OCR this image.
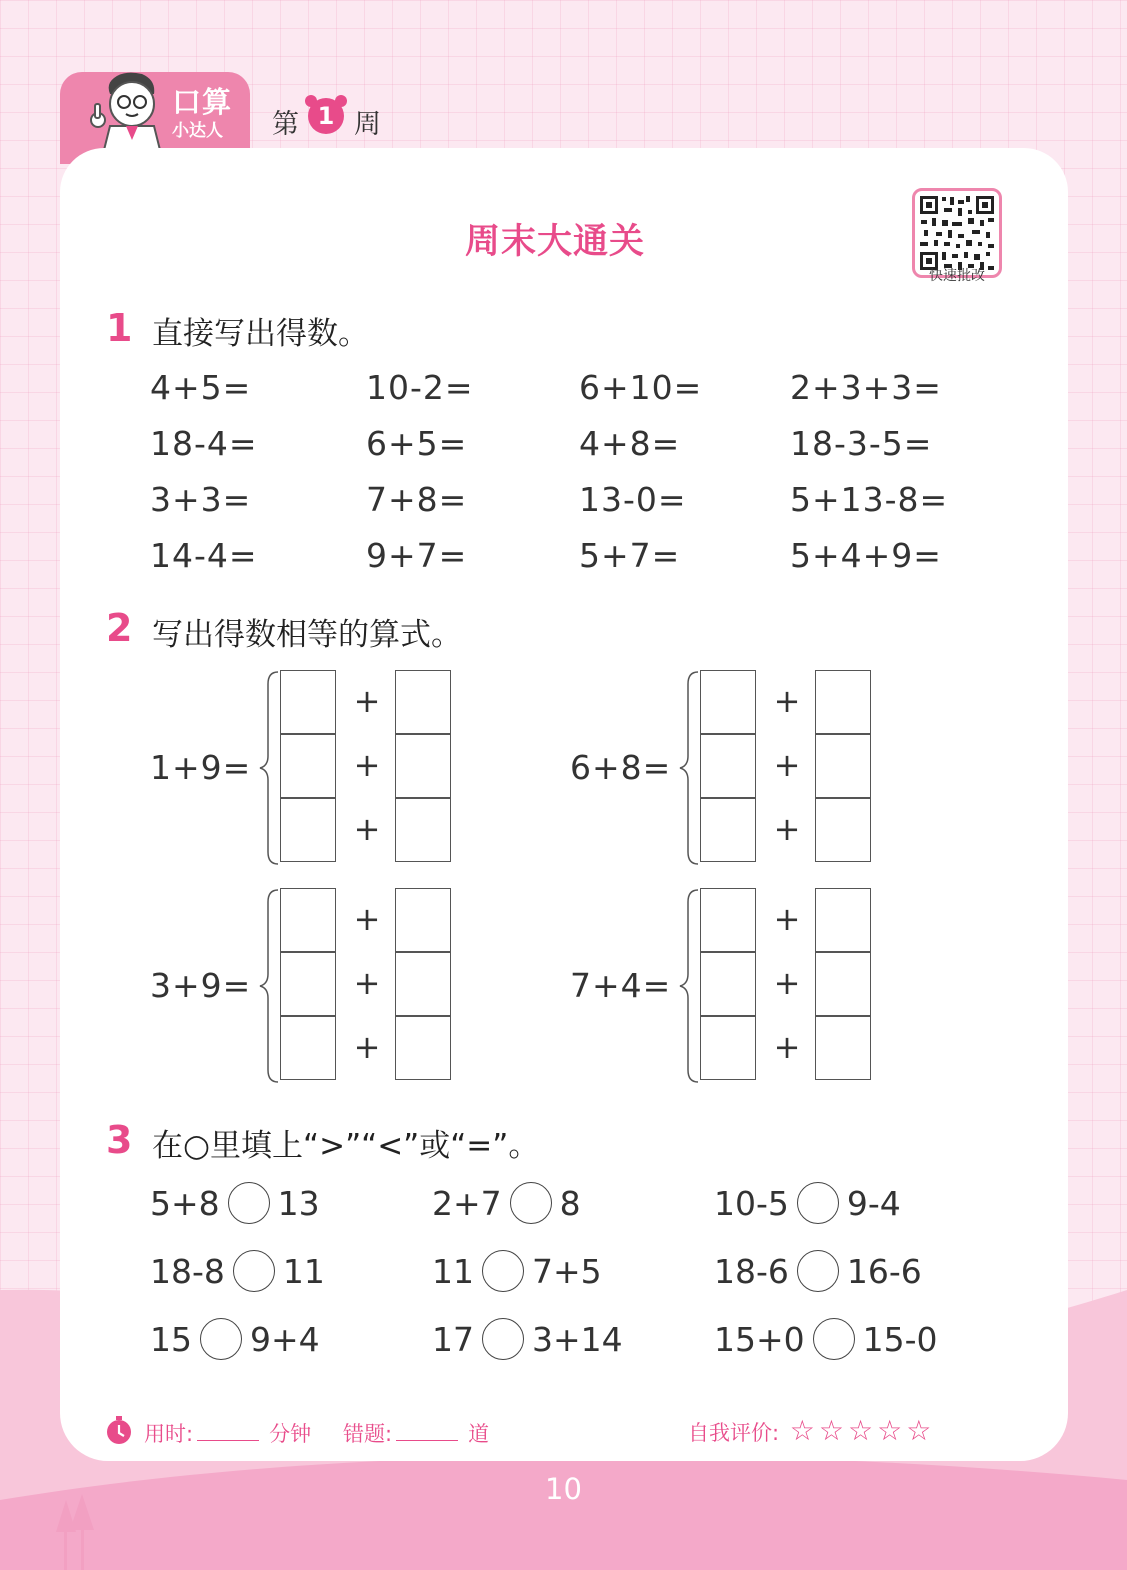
口算
小达人 第 1 周
周末大通关
快速批改
1 直接写出得数。
4+5=	10-2=	6+10=	2+3+3=
18-4=	6+5=	4+8=	18-3-5=
3+3=	7+8=	13-0=	5+13-8=
14-4=	9+7=	5+7=	5+4+9=
2 写出得数相等的算式。
1+9=
+
+
+
6+8=
+
+
+
3+9=
+
+
+
7+4=
+
+
+
3 在○里填上“>”“<”或“=”。
5+8 13	2+7 8	10-5 9-4
18-8 11	11 7+5	18-6 16-6
15 9+4	17 3+14	15+0 15-0
用时:	分钟 错题:	道	自我评价: ☆ ☆ ☆ ☆ ☆
10
